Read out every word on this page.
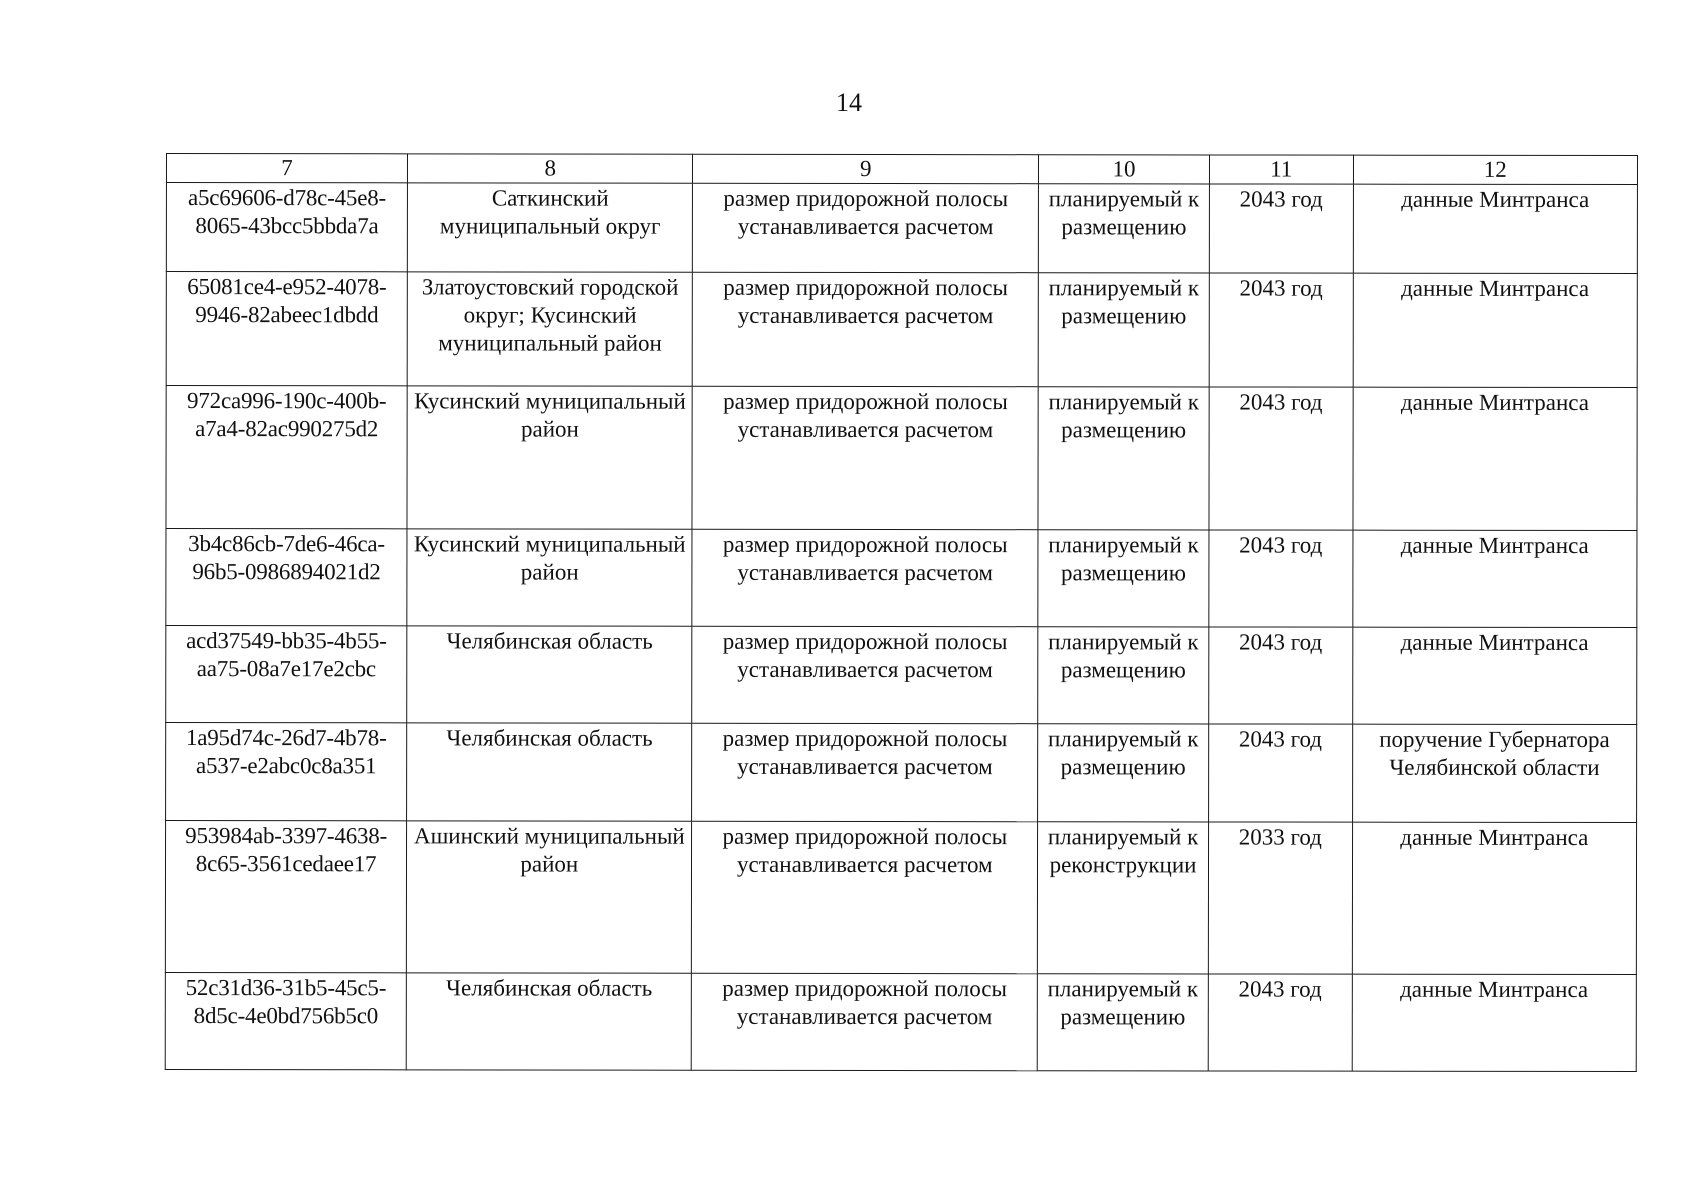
14
7	8	9	10	11	12
a5c69606-d78c-45e8-8065-43bcc5bbda7a	Саткинский муниципальный округ	размер придорожной полосы устанавливается расчетом	планируемый к размещению	2043 год	данные Минтранса
65081ce4-e952-4078-9946-82abeec1dbdd	Златоустовский городской округ; Кусинский муниципальный район	размер придорожной полосы устанавливается расчетом	планируемый к размещению	2043 год	данные Минтранса
972ca996-190c-400b-a7a4-82ac990275d2	Кусинский муниципальный район	размер придорожной полосы устанавливается расчетом	планируемый к размещению	2043 год	данные Минтранса
3b4c86cb-7de6-46ca-96b5-0986894021d2	Кусинский муниципальный район	размер придорожной полосы устанавливается расчетом	планируемый к размещению	2043 год	данные Минтранса
acd37549-bb35-4b55-aa75-08a7e17e2cbc	Челябинская область	размер придорожной полосы устанавливается расчетом	планируемый к размещению	2043 год	данные Минтранса
1a95d74c-26d7-4b78-a537-e2abc0c8a351	Челябинская область	размер придорожной полосы устанавливается расчетом	планируемый к размещению	2043 год	поручение Губернатора Челябинской области
953984ab-3397-4638-8c65-3561cedaee17	Ашинский муниципальный район	размер придорожной полосы устанавливается расчетом	планируемый к реконструкции	2033 год	данные Минтранса
52c31d36-31b5-45c5-8d5c-4e0bd756b5c0	Челябинская область	размер придорожной полосы устанавливается расчетом	планируемый к размещению	2043 год	данные Минтранса
